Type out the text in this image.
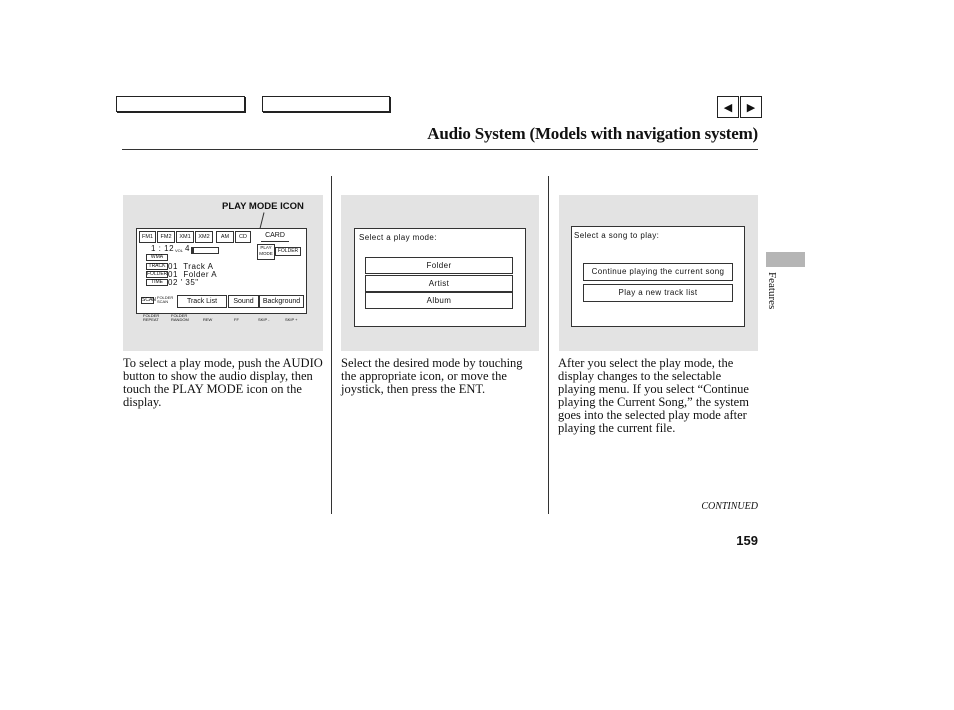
◀ ▶
Audio System (Models with navigation system)
Features
PLAY MODE ICON
FM1	FM2	XM1	XM2	AM	CD	CARD
PLAY MODE	FOLDER
1 : 12 VOL 4
WMA
TRACK
FOLDER
TIME
01  Track A
01  Folder A
02 ' 35"
SCAN FOLDER SCAN	Track List	Sound	Background
FOLDER REPEAT
FOLDER RANDOM	REW	FF	SKIP -	SKIP +
To select a play mode, push the AUDIO button to show the audio display, then touch the PLAY MODE icon on the display.
Select a play mode:
Folder
Artist
Album
Select the desired mode by touching the appropriate icon, or move the joystick, then press the ENT.
Select a song to play:
Continue playing the current song
Play a new track list
After you select the play mode, the display changes to the selectable playing menu. If you select “Continue playing the Current Song,” the system goes into the selected play mode after playing the current file.
CONTINUED
159
